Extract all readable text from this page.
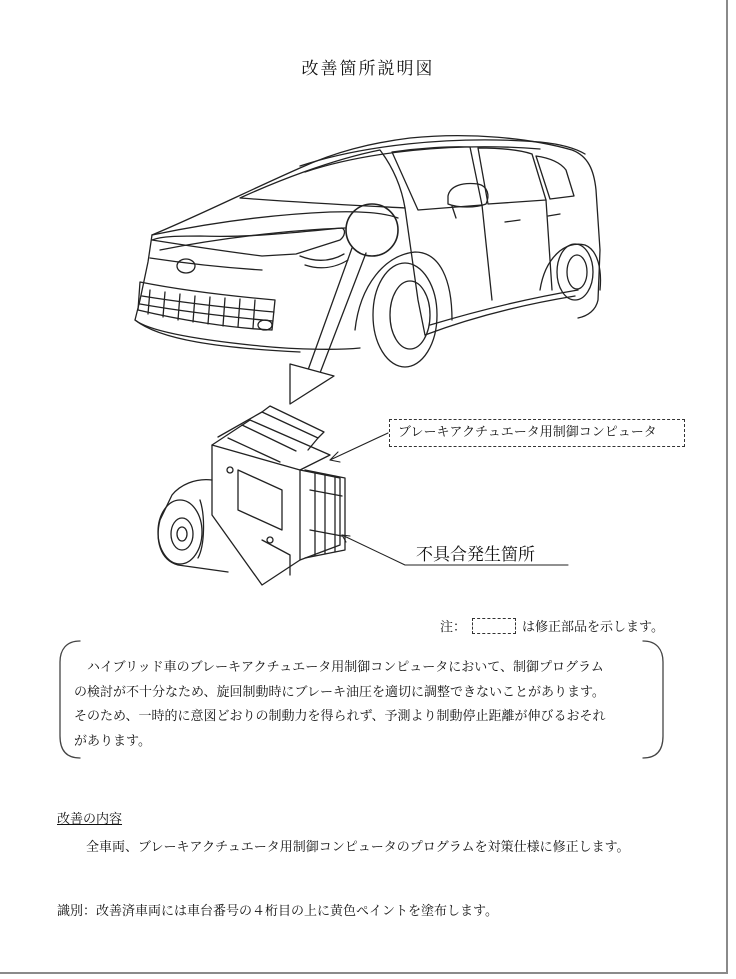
改善箇所説明図
ブレーキアクチュエータ用制御コンピュータ
不具合発生箇所
注：	は修正部品を示します。

ハイブリッド車のブレーキアクチュエータ用制御コンピュータにおいて、制御プログラム

の検討が不十分なため、旋回制動時にブレーキ油圧を適切に調整できないことがあります。

そのため、一時的に意図どおりの制動力を得られず、予測より制動停止距離が伸びるおそれ

があります。

改善の内容
全車両、ブレーキアクチュエータ用制御コンピュータのプログラムを対策仕様に修正します。
識別：改善済車両には車台番号の４桁目の上に黄色ペイントを塗布します。
